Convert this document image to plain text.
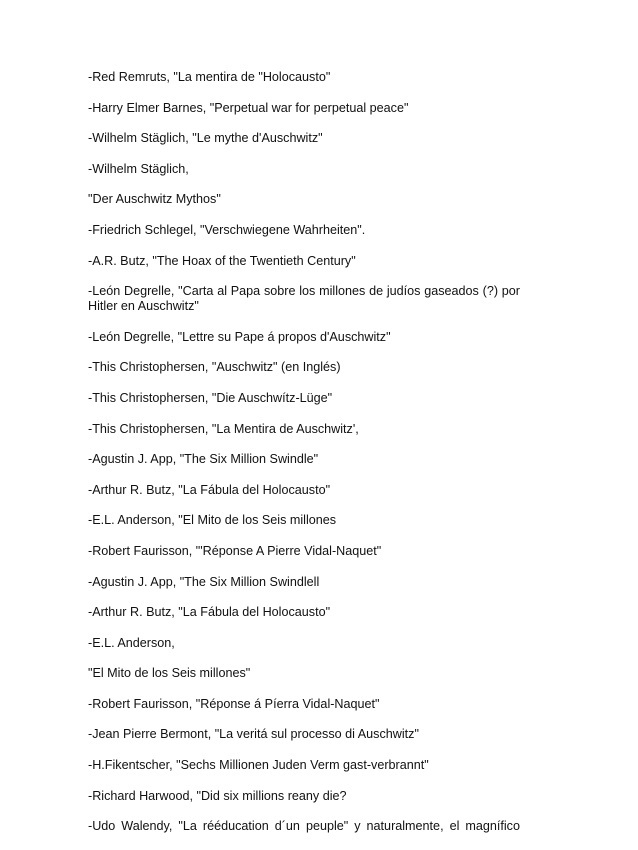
-Red Remruts, "La mentira de "Holocausto"
-Harry Elmer Barnes, "Perpetual war for perpetual peace"
-Wilhelm Stäglich, "Le mythe d'Auschwitz"
-Wilhelm Stäglich,
"Der Auschwitz Mythos"
-Friedrich Schlegel, "Verschwiegene Wahrheiten".
-A.R. Butz, "The Hoax of the Twentieth Century"
-León Degrelle, "Carta al Papa sobre los millones de judíos gaseados (?) por Hitler en Auschwitz"
-León Degrelle, "Lettre su Pape á propos d'Auschwitz"
-This Christophersen, "Auschwitz" (en Inglés)
-This Christophersen, "Die Auschwítz-Lüge"
-This Christophersen, "La Mentira de Auschwitz',
-Agustin J. App, "The Six Million Swindle"
-Arthur R. Butz, "La Fábula del Holocausto"
-E.L. Anderson, "El Mito de los Seis millones
-Robert Faurisson, "'Réponse A Pierre Vidal-Naquet"
-Agustin J. App, "The Six Million Swindlell
-Arthur R. Butz, "La Fábula del Holocausto"
-E.L. Anderson,
"El Mito de los Seis millones"
-Robert Faurisson, "Réponse á Píerra Vidal-Naquet"
-Jean Pierre Bermont, "La veritá sul processo di Auschwitz"
-H.Fikentscher, "Sechs Millionen Juden Verm gast-verbrannt"
-Richard Harwood, "Did six millions reany die?
-Udo Walendy, "La rééducation d´un peuple" y naturalmente, el magnífico
